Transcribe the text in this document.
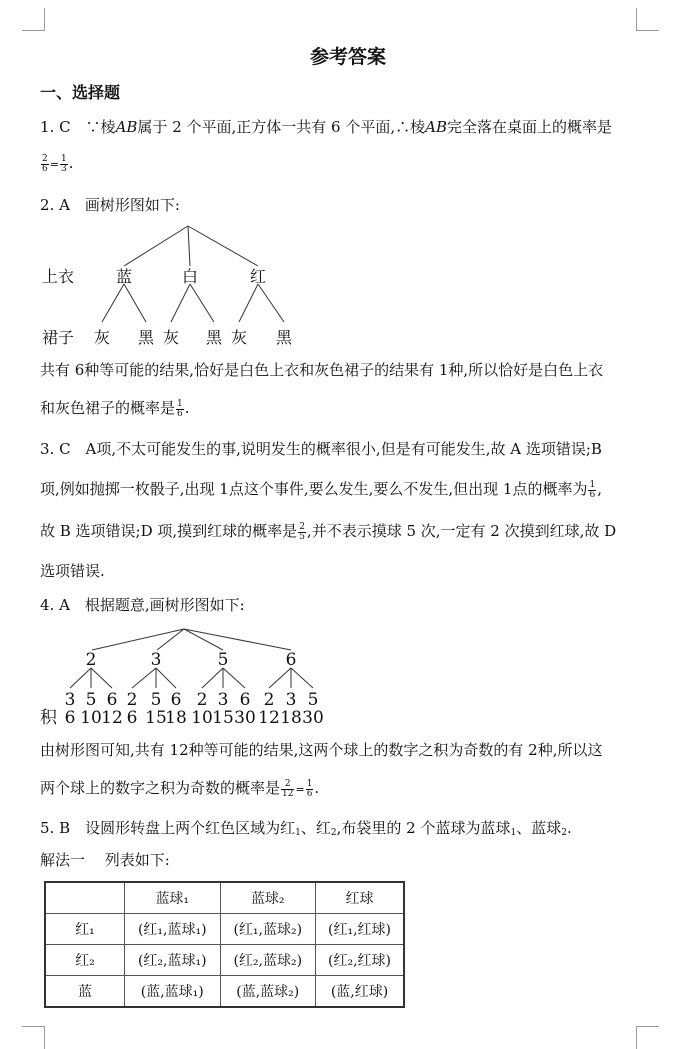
参考答案
一、选择题
1. C　∵棱AB属于 2 个平面,正方体一共有 6 个平面,∴棱AB完全落在桌面上的概率是
$\frac{2}{6} = \frac{1}{3}$ .
2. A　画树形图如下:
上衣
裙子
蓝	白	红
灰 黑 灰 黑 灰 黑
共有 6种等可能的结果,恰好是白色上衣和灰色裙子的结果有 1种,所以恰好是白色上衣
和灰色裙子的概率是 $\frac{1}{6}$ .
3. C　A项,不太可能发生的事,说明发生的概率很小,但是有可能发生,故 A 选项错误;B
项,例如抛掷一枚骰子,出现 1点这个事件,要么发生,要么不发生,但出现 1点的概率为 $\frac{1}{6}$ ,
故 B 选项错误;D 项,摸到红球的概率是 $\frac{2}{5}$ ,并不表示摸球 5 次,一定有 2 次摸到红球,故 D
选项错误.
4. A　根据题意,画树形图如下:
2	3	5	6
3 5 6 2 5 6 2 3 6 2 3 5
积 6 10 12 6 15
18 10 15 30 12 18 30
由树形图可知,共有 12种等可能的结果,这两个球上的数字之积为奇数的有 2种,所以这
两个球上的数字之积为奇数的概率是 $\frac{2}{12} = \frac{1}{6}$ .
5. B　设圆形转盘上两个红色区域为红$_1$、红$_2$,布袋里的 2 个蓝球为蓝球$_1$、蓝球$_2$.
解法一　 列表如下:
	蓝球₁	蓝球₂	红球
红₁	(红₁,蓝球₁)	(红₁,蓝球₂)	(红₁,红球)
红₂	(红₂,蓝球₁)	(红₂,蓝球₂)	(红₂,红球)
蓝	(蓝,蓝球₁)	(蓝,蓝球₂)	(蓝,红球)
